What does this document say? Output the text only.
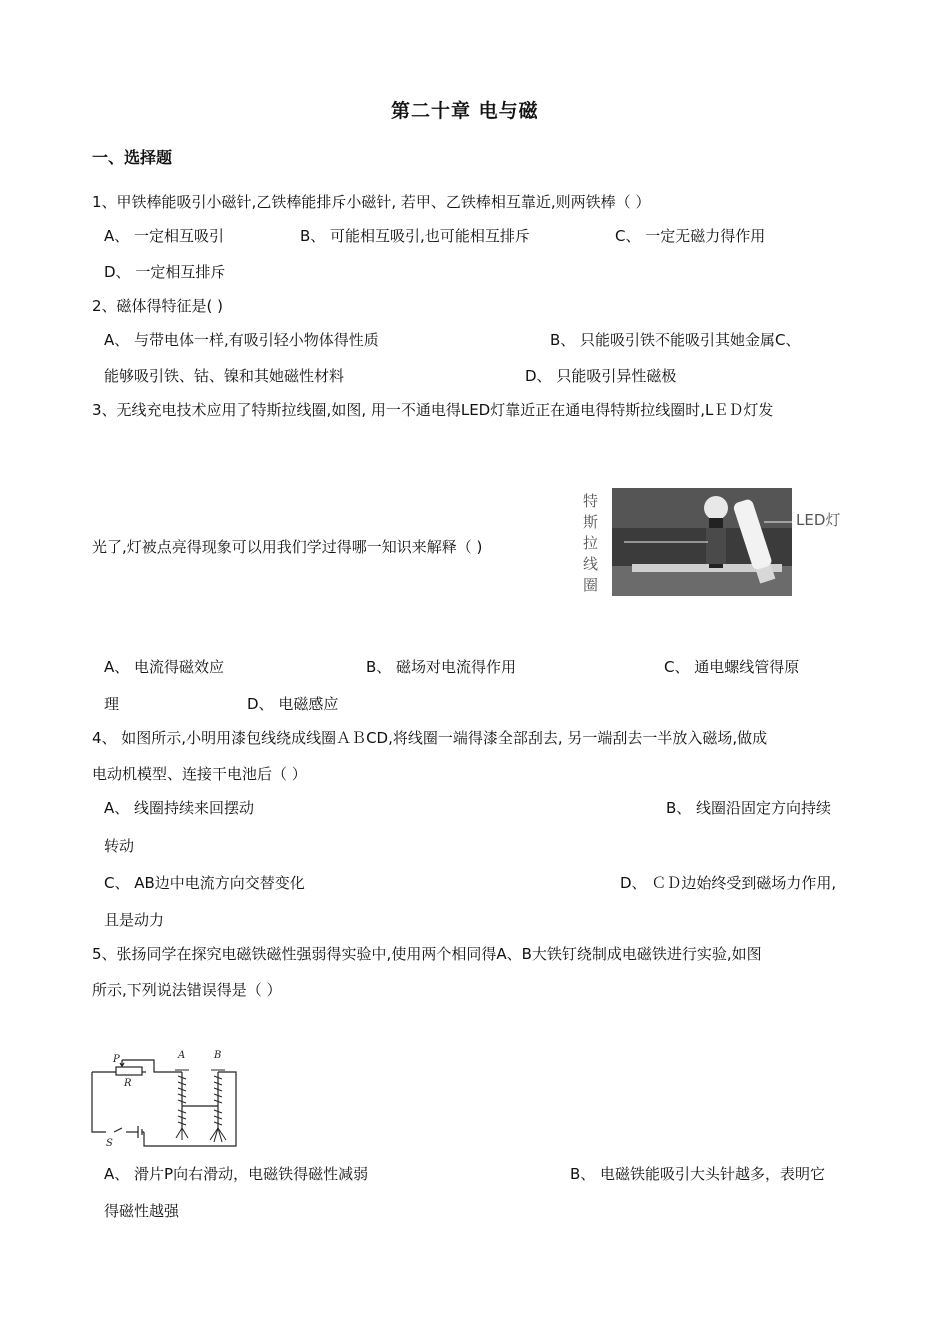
第二十章 电与磁
一、选择题
1、甲铁棒能吸引小磁针,乙铁棒能排斥小磁针, 若甲、乙铁棒相互靠近,则两铁棒（ ）
A、 一定相互吸引	B、 可能相互吸引,也可能相互排斥	C、 一定无磁力得作用
D、 一定相互排斥
2、磁体得特征是( )
A、 与带电体一样,有吸引轻小物体得性质	B、 只能吸引铁不能吸引其她金属C、
能够吸引铁、钴、镍和其她磁性材料	D、 只能吸引异性磁极
3、无线充电技术应用了特斯拉线圈,如图, 用一不通电得LED灯靠近正在通电得特斯拉线圈时,LＥＤ灯发
光了,灯被点亮得现象可以用我们学过得哪一知识来解释（ )
特
斯
拉
线
圈
LED灯
A、 电流得磁效应	B、 磁场对电流得作用	C、 通电螺线管得原
理	D、 电磁感应
4、 如图所示,小明用漆包线绕成线圈ＡＢCD,将线圈一端得漆全部刮去, 另一端刮去一半放入磁场,做成
电动机模型、连接干电池后（ ）
A、 线圈持续来回摆动	B、 线圈沿固定方向持续
转动
C、 AB边中电流方向交替变化	D、 ＣＤ边始终受到磁场力作用,
且是动力
5、张扬同学在探究电磁铁磁性强弱得实验中,使用两个相同得A、B大铁钉绕制成电磁铁进行实验,如图
所示,下列说法错误得是（ ）
P
R
A	B
S
A、 滑片P向右滑动，电磁铁得磁性减弱	B、 电磁铁能吸引大头针越多，表明它
得磁性越强
